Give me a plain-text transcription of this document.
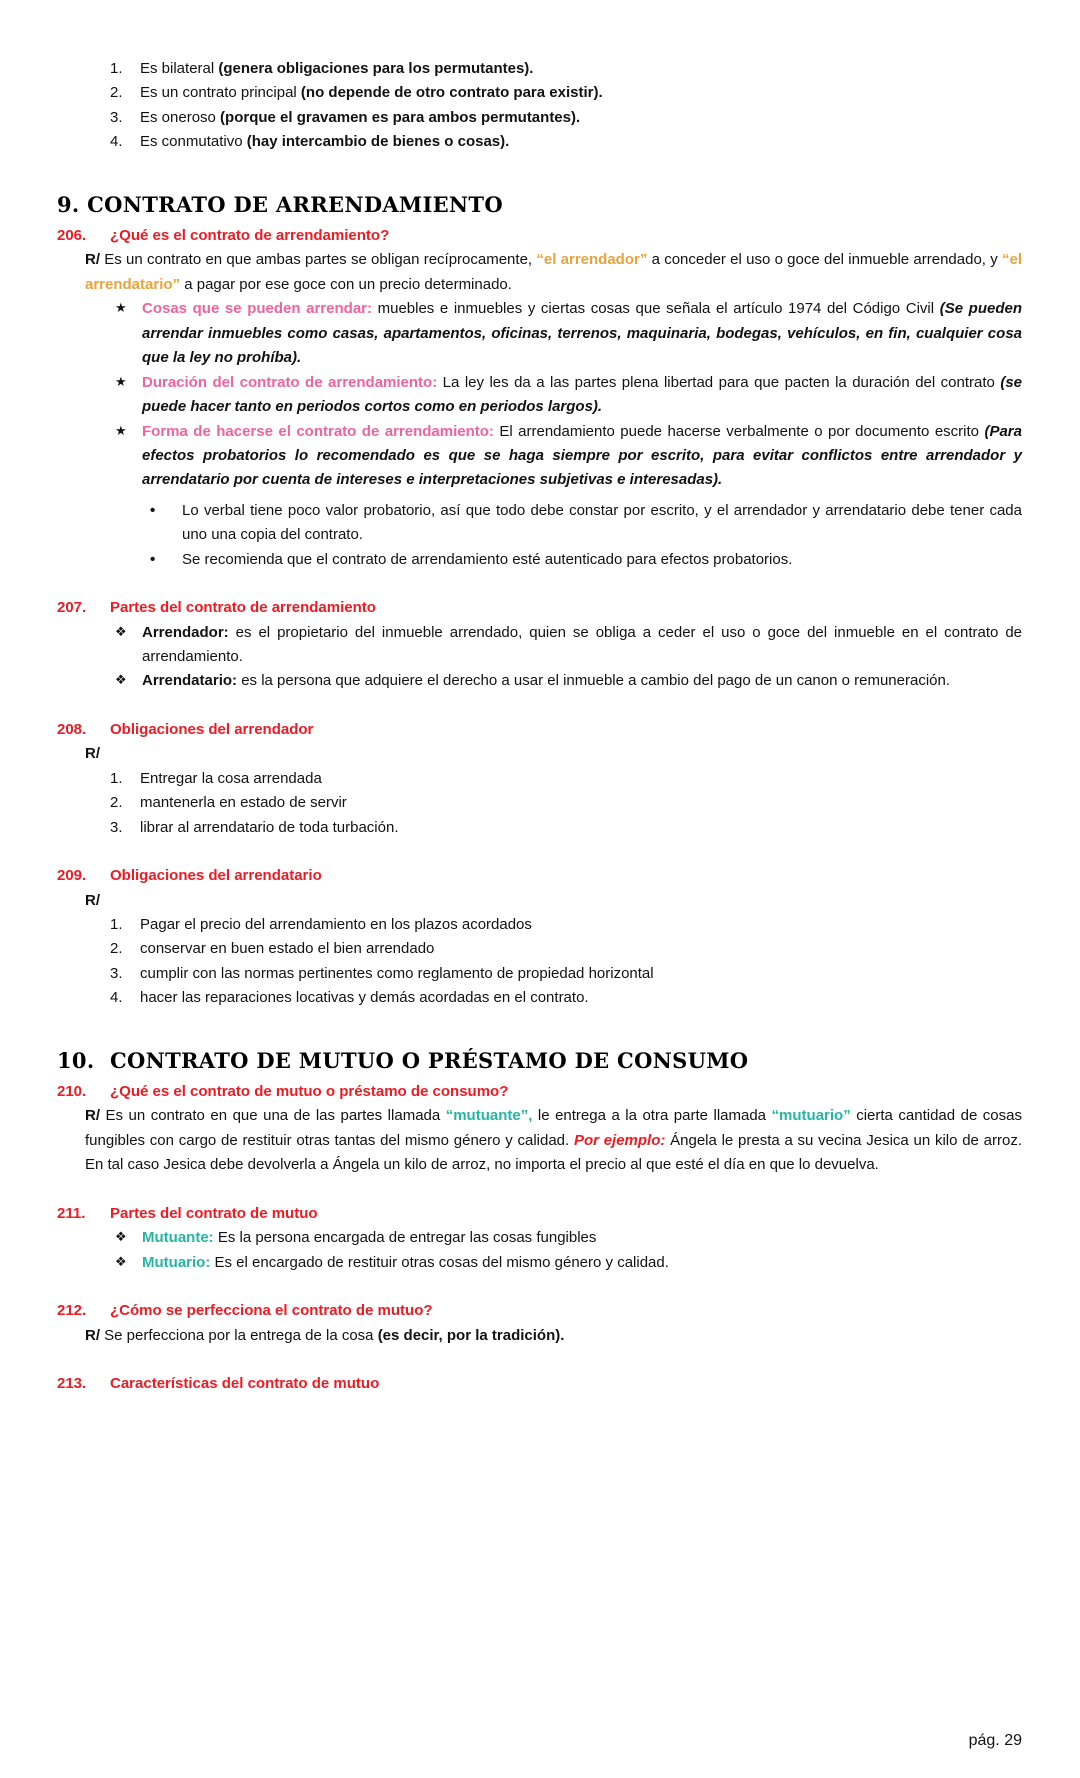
1. Es bilateral (genera obligaciones para los permutantes).
2. Es un contrato principal (no depende de otro contrato para existir).
3. Es oneroso (porque el gravamen es para ambos permutantes).
4. Es conmutativo (hay intercambio de bienes o cosas).
9. CONTRATO DE ARRENDAMIENTO
206.	¿Qué es el contrato de arrendamiento?

R/ Es un contrato en que ambas partes se obligan recíprocamente, “el arrendador” a conceder el uso o goce del inmueble arrendado, y “el arrendatario” a pagar por ese goce con un precio determinado.

★ Cosas que se pueden arrendar: muebles e inmuebles y ciertas cosas que señala el artículo 1974 del Código Civil (Se pueden arrendar inmuebles como casas, apartamentos, oficinas, terrenos, maquinaria, bodegas, vehículos, en fin, cualquier cosa que la ley no prohíba).
★ Duración del contrato de arrendamiento: La ley les da a las partes plena libertad para que pacten la duración del contrato (se puede hacer tanto en periodos cortos como en periodos largos).
★ Forma de hacerse el contrato de arrendamiento: El arrendamiento puede hacerse verbalmente o por documento escrito (Para efectos probatorios lo recomendado es que se haga siempre por escrito, para evitar conflictos entre arrendador y arrendatario por cuenta de intereses e interpretaciones subjetivas e interesadas).
• Lo verbal tiene poco valor probatorio, así que todo debe constar por escrito, y el arrendador y arrendatario debe tener cada uno una copia del contrato.
• Se recomienda que el contrato de arrendamiento esté autenticado para efectos probatorios.
207.	Partes del contrato de arrendamiento
❖ Arrendador: es el propietario del inmueble arrendado, quien se obliga a ceder el uso o goce del inmueble en el contrato de arrendamiento.
❖ Arrendatario: es la persona que adquiere el derecho a usar el inmueble a cambio del pago de un canon o remuneración.
208.	Obligaciones del arrendador

R/

1. Entregar la cosa arrendada
2. mantenerla en estado de servir
3. librar al arrendatario de toda turbación.
209.	Obligaciones del arrendatario

R/

1. Pagar el precio del arrendamiento en los plazos acordados
2. conservar en buen estado el bien arrendado
3. cumplir con las normas pertinentes como reglamento de propiedad horizontal
4. hacer las reparaciones locativas y demás acordadas en el contrato.
10. CONTRATO DE MUTUO O PRÉSTAMO DE CONSUMO
210.	¿Qué es el contrato de mutuo o préstamo de consumo?

R/ Es un contrato en que una de las partes llamada “mutuante”, le entrega a la otra parte llamada “mutuario” cierta cantidad de cosas fungibles con cargo de restituir otras tantas del mismo género y calidad. Por ejemplo: Ángela le presta a su vecina Jesica un kilo de arroz. En tal caso Jesica debe devolverla a Ángela un kilo de arroz, no importa el precio al que esté el día en que lo devuelva.

211.	Partes del contrato de mutuo
❖ Mutuante: Es la persona encargada de entregar las cosas fungibles
❖ Mutuario: Es el encargado de restituir otras cosas del mismo género y calidad.
212.	¿Cómo se perfecciona el contrato de mutuo?

R/ Se perfecciona por la entrega de la cosa (es decir, por la tradición).

213.	Características del contrato de mutuo
pág. 29
